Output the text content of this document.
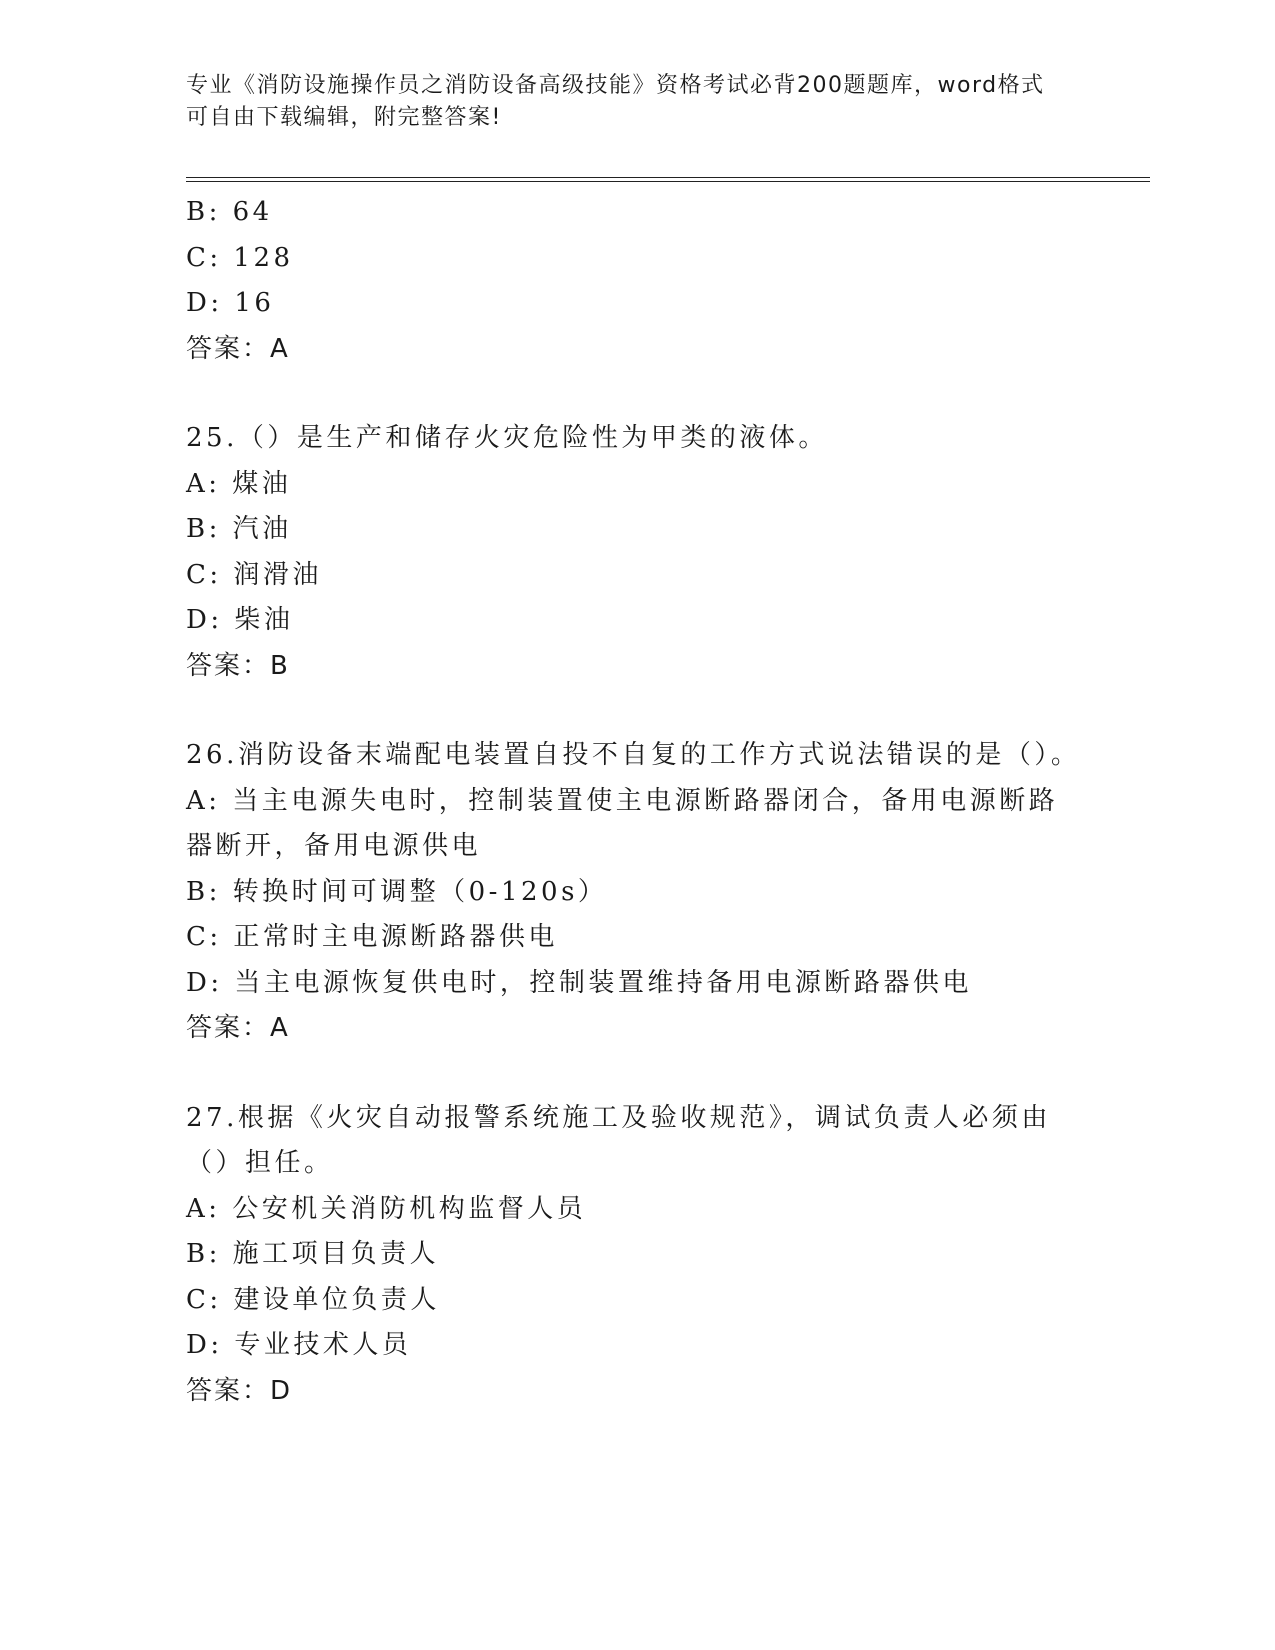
专业《消防设施操作员之消防设备高级技能》资格考试必背200题题库，word格式可自由下载编辑，附完整答案!
B: 64
C: 128
D: 16
答案：A
25.（）是生产和储存火灾危险性为甲类的液体。
A: 煤油
B: 汽油
C: 润滑油
D: 柴油
答案：B
26.消防设备末端配电装置自投不自复的工作方式说法错误的是（）。
A: 当主电源失电时，控制装置使主电源断路器闭合，备用电源断路器断开，备用电源供电
B: 转换时间可调整（0-120s）
C: 正常时主电源断路器供电
D: 当主电源恢复供电时，控制装置维持备用电源断路器供电
答案：A
27.根据《火灾自动报警系统施工及验收规范》，调试负责人必须由（）担任。
A: 公安机关消防机构监督人员
B: 施工项目负责人
C: 建设单位负责人
D: 专业技术人员
答案：D
